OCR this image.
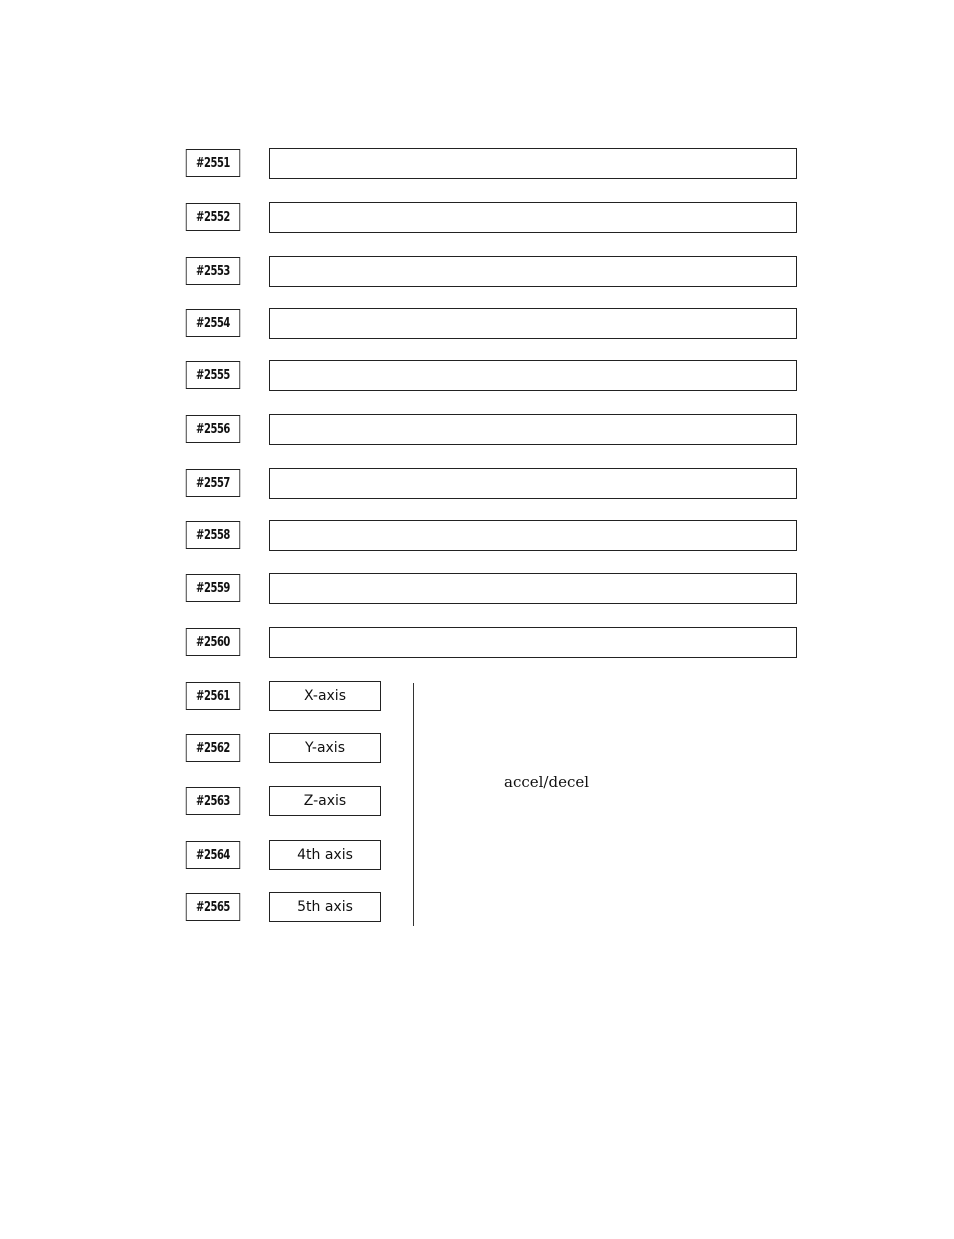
#2551
#2552
#2553
#2554
#2555
#2556
#2557
#2558
#2559
#2560
#2561	X-axis
#2562	Y-axis
#2563	Z-axis
#2564	4th axis
#2565	5th axis
accel/decel
